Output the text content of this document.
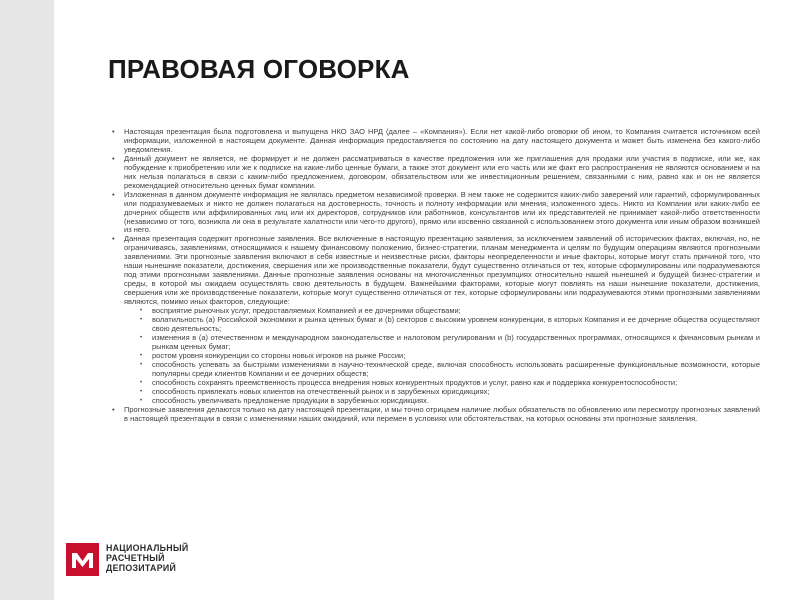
ПРАВОВАЯ ОГОВОРКА
• Настоящая презентация была подготовлена и выпущена НКО ЗАО НРД (далее – «Компания»). Если нет какой-либо оговорки об ином, то Компания считается источником всей информации, изложенной в настоящем документе. Данная информация предоставляется по состоянию на дату настоящего документа и может быть изменена без какого-либо уведомления.
• Данный документ не является, не формирует и не должен рассматриваться в качестве предложения или же приглашения для продажи или участия в подписке, или же, как побуждение к приобретению или же к подписке на какие-либо ценные бумаги, а также этот документ или его часть или же факт его распространения не являются основанием и на них нельзя полагаться в связи с каким-либо предложением, договором, обязательством или же инвестиционным решением, связанными с ним, равно как и он не является рекомендацией относительно ценных бумаг компании.
• Изложенная в данном документе информация не являлась предметом независимой проверки. В нем также не содержится каких-либо заверений или гарантий, сформулированных или подразумеваемых и никто не должен полагаться на достоверность, точность и полноту информации или мнения, изложенного здесь. Никто из Компании или каких-либо ее дочерних обществ или аффилированных лиц или их директоров, сотрудников или работников, консультантов или их представителей не принимает какой-либо ответственности (независимо от того, возникла ли она в результате халатности или чего-то другого), прямо или косвенно связанной с использованием этого документа или иным образом возникшей из него.
• Данная презентация содержит прогнозные заявления. Все включенные в настоящую презентацию заявления, за исключением заявлений об исторических фактах, включая, но, не ограничиваясь, заявлениями, относящимися к нашему финансовому положению, бизнес-стратегии, планам менеджмента и целям по будущим операциям являются прогнозными заявлениями. Эти прогнозные заявления включают в себя известные и неизвестные риски, факторы неопределенности и иные факторы, которые могут стать причиной того, что наши нынешние показатели, достижения, свершения или же производственные показатели, будут существенно отличаться от тех, которые сформулированы или подразумеваются под этими прогнозными заявлениями. Данные прогнозные заявления основаны на многочисленных презумпциях относительно нашей нынешней и будущей бизнес-стратегии и среды, в которой мы ожидаем осуществлять свою деятельность в будущем. Важнейшими факторами, которые могут повлиять на наши нынешние показатели, достижения, свершения или же производственные показатели, которые могут существенно отличаться от тех, которые сформулированы или подразумеваются этими прогнозными заявлениями являются, помимо иных факторов, следующие:
• восприятие рыночных услуг, предоставляемых Компанией и ее дочерними обществами;
• волатильность (а) Российской экономики и рынка ценных бумаг и (b) секторов с высоким уровнем конкуренции, в которых Компания и ее дочерние общества осуществляют свою деятельность;
• изменения в (а) отечественном и международном законодательстве и налоговом регулировании и (b) государственных программах, относящихся к финансовым рынкам и рынкам ценных бумаг;
• ростом уровня конкуренции со стороны новых игроков на рынке России;
• способность успевать за быстрыми изменениями в научно-технической среде, включая способность использовать расширенные функциональные возможности, которые популярны среди клиентов Компании и ее дочерних обществ;
• способность сохранять преемственность процесса внедрения новых конкурентных продуктов и услуг, равно как и поддержка конкурентоспособности;
• способность привлекать новых клиентов на отечественный рынок и в зарубежных юрисдикциях;
• способность увеличивать предложение продукции в зарубежных юрисдикциях.
• Прогнозные заявления делаются только на дату настоящей презентации, и мы точно отрицаем наличие любых обязательств по обновлению или пересмотру прогнозных заявлений в настоящей презентации в связи с изменениями наших ожиданий, или перемен в условиях или обстоятельствах, на которых основаны эти прогнозные заявления.
НАЦИОНАЛЬНЫЙ
РАСЧЕТНЫЙ
ДЕПОЗИТАРИЙ
